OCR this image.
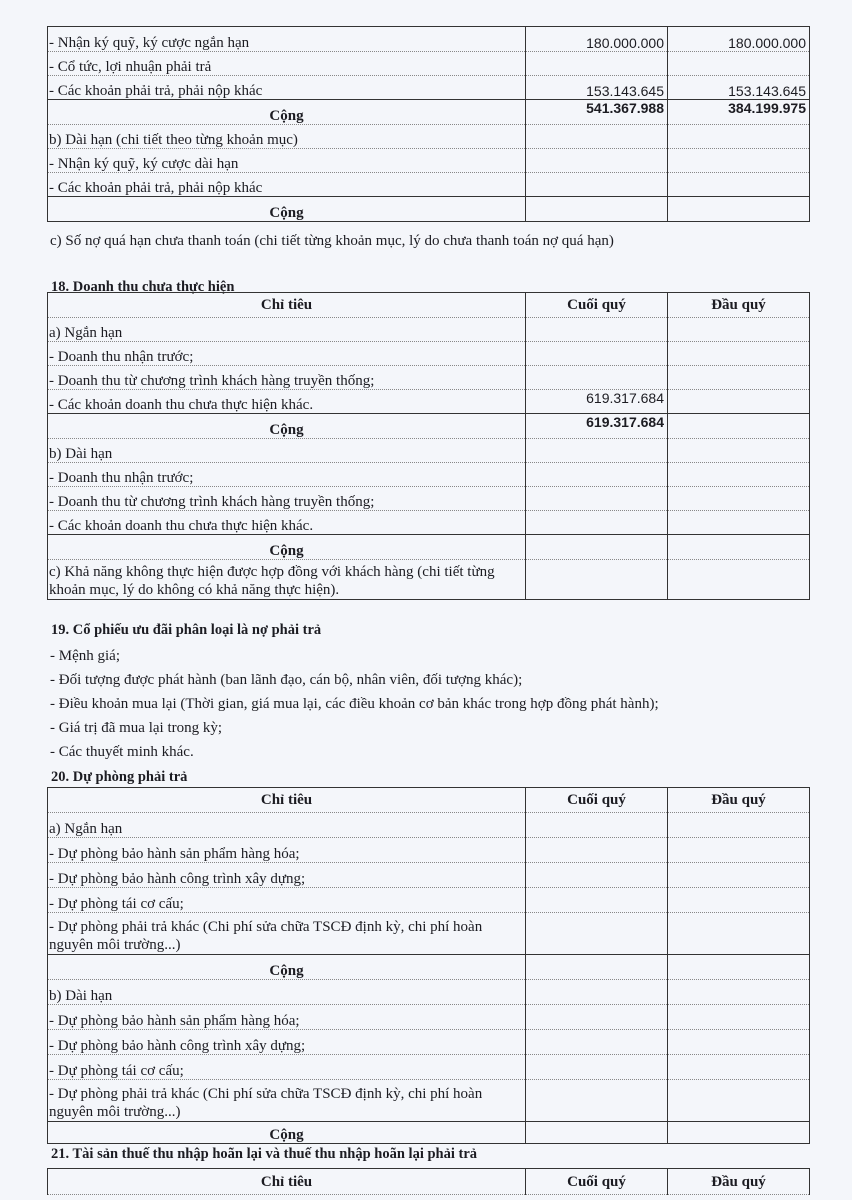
- Nhận ký quỹ, ký cược ngắn hạn	180.000.000	180.000.000
- Cổ tức, lợi nhuận phải trả		
- Các khoản phải trả, phải nộp khác	153.143.645	153.143.645
Cộng	541.367.988	384.199.975
b) Dài hạn (chi tiết theo từng khoản mục)		
- Nhận ký quỹ, ký cược dài hạn		
- Các khoản phải trả, phải nộp khác		
Cộng		
c) Số nợ quá hạn chưa thanh toán (chi tiết từng khoản mục, lý do chưa thanh toán nợ quá hạn)
18. Doanh thu chưa thực hiện
Chỉ tiêu	Cuối quý	Đầu quý
a) Ngắn hạn		
- Doanh thu nhận trước;		
- Doanh thu từ chương trình khách hàng truyền thống;		
- Các khoản doanh thu chưa thực hiện khác.	619.317.684	
Cộng	619.317.684	
b) Dài hạn		
- Doanh thu nhận trước;		
- Doanh thu từ chương trình khách hàng truyền thống;		
- Các khoản doanh thu chưa thực hiện khác.		
Cộng		
c) Khả năng không thực hiện được hợp đồng với khách hàng (chi tiết từng khoản mục, lý do không có khả năng thực hiện).		
19. Cổ phiếu ưu đãi phân loại là nợ phải trả
- Mệnh giá;
- Đối tượng được phát hành (ban lãnh đạo, cán bộ, nhân viên, đối tượng khác);
- Điều khoản mua lại (Thời gian, giá mua lại, các điều khoản cơ bản khác trong hợp đồng phát hành);
- Giá trị đã mua lại trong kỳ;
- Các thuyết minh khác.
20. Dự phòng phải trả
Chỉ tiêu	Cuối quý	Đầu quý
a) Ngắn hạn		
- Dự phòng bảo hành sản phẩm hàng hóa;		
- Dự phòng bảo hành công trình xây dựng;		
- Dự phòng tái cơ cấu;		
- Dự phòng phải trả khác (Chi phí sửa chữa TSCĐ định kỳ, chi phí hoàn nguyên môi trường...)		
Cộng		
b) Dài hạn		
- Dự phòng bảo hành sản phẩm hàng hóa;		
- Dự phòng bảo hành công trình xây dựng;		
- Dự phòng tái cơ cấu;		
- Dự phòng phải trả khác (Chi phí sửa chữa TSCĐ định kỳ, chi phí hoàn nguyên môi trường...)		
Cộng		
21. Tài sản thuế thu nhập hoãn lại và thuế thu nhập hoãn lại phải trả
Chỉ tiêu	Cuối quý	Đầu quý
